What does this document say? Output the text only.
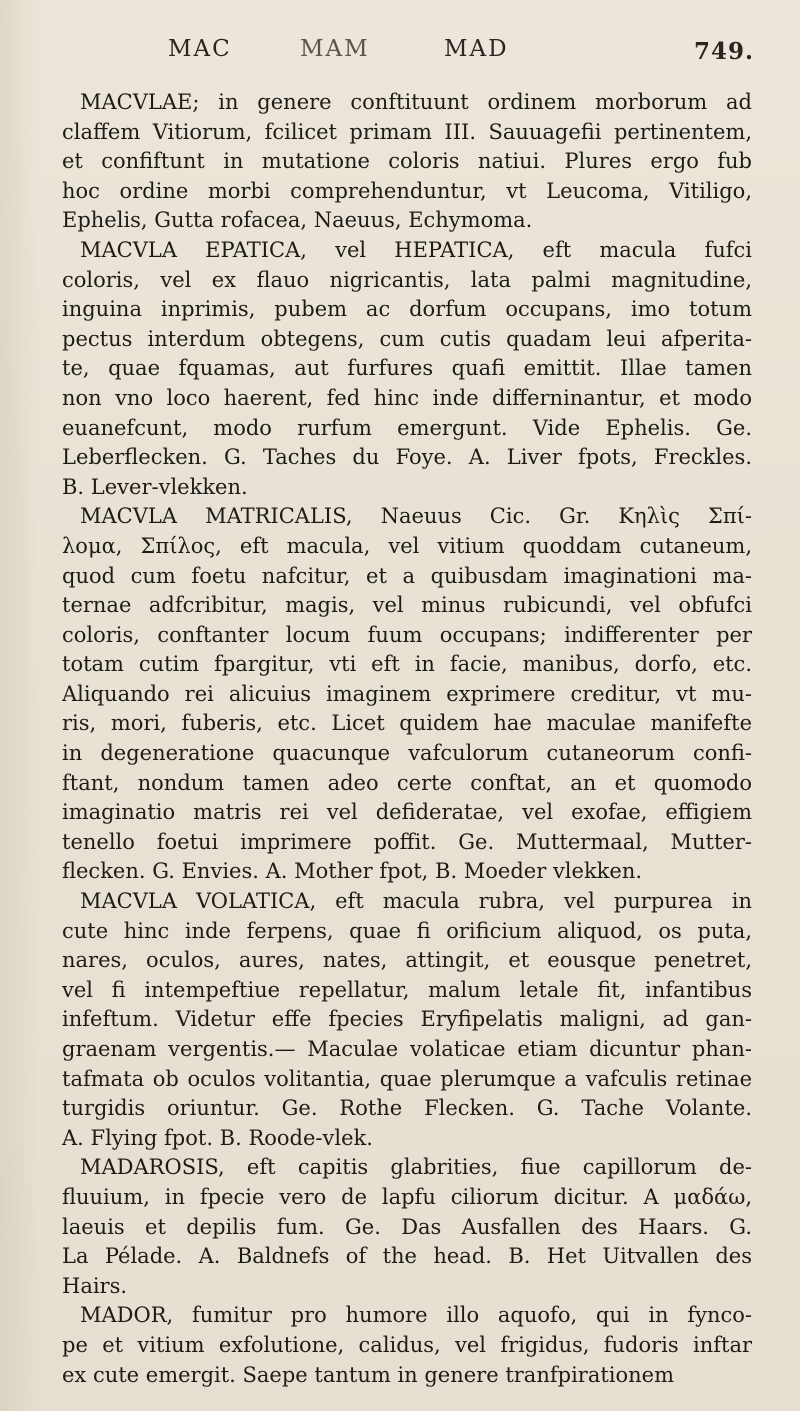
MAC	MAM	MAD	749.
MACVLAE; in genere conftituunt ordinem morborum ad
claffem Vitiorum, fcilicet primam III. Sauuagefii pertinentem,
et confiftunt in mutatione coloris natiui. Plures ergo fub
hoc ordine morbi comprehenduntur, vt Leucoma, Vitiligo,
Ephelis, Gutta rofacea, Naeuus, Echymoma.
MACVLA EPATICA, vel HEPATICA, eft macula fufci
coloris, vel ex flauo nigricantis, lata palmi magnitudine,
inguina inprimis, pubem ac dorfum occupans, imo totum
pectus interdum obtegens, cum cutis quadam leui afperita-
te, quae fquamas, aut furfures quafi emittit. Illae tamen
non vno loco haerent, fed hinc inde differninantur, et modo
euanefcunt, modo rurfum emergunt. Vide Ephelis. Ge.
Leberflecken. G. Taches du Foye. A. Liver fpots, Freckles.
B. Lever-vlekken.
MACVLA MATRICALIS, Naeuus Cic. Gr. Κηλὶς Σπί-
λομα, Σπίλος, eft macula, vel vitium quoddam cutaneum,
quod cum foetu nafcitur, et a quibusdam imaginationi ma-
ternae adfcribitur, magis, vel minus rubicundi, vel obfufci
coloris, conftanter locum fuum occupans; indifferenter per
totam cutim fpargitur, vti eft in facie, manibus, dorfo, etc.
Aliquando rei alicuius imaginem exprimere creditur, vt mu-
ris, mori, fuberis, etc. Licet quidem hae maculae manifefte
in degeneratione quacunque vafculorum cutaneorum confi-
ftant, nondum tamen adeo certe conftat, an et quomodo
imaginatio matris rei vel defideratae, vel exofae, effigiem
tenello foetui imprimere poffit. Ge. Muttermaal, Mutter-
flecken. G. Envies. A. Mother fpot, B. Moeder vlekken.
MACVLA VOLATICA, eft macula rubra, vel purpurea in
cute hinc inde ferpens, quae fi orificium aliquod, os puta,
nares, oculos, aures, nates, attingit, et eousque penetret,
vel fi intempeftiue repellatur, malum letale fit, infantibus
infeftum. Videtur effe fpecies Eryfipelatis maligni, ad gan-
graenam vergentis.— Maculae volaticae etiam dicuntur phan-
tafmata ob oculos volitantia, quae plerumque a vafculis retinae
turgidis oriuntur. Ge. Rothe Flecken. G. Tache Volante.
A. Flying fpot. B. Roode-vlek.
MADAROSIS, eft capitis glabrities, fiue capillorum de-
fluuium, in fpecie vero de lapfu ciliorum dicitur. Α μαδάω,
laeuis et depilis fum. Ge. Das Ausfallen des Haars. G.
La Pélade. A. Baldnefs of the head. B. Het Uitvallen des
Hairs.
MADOR, fumitur pro humore illo aquofo, qui in fynco-
pe et vitium exfolutione, calidus, vel frigidus, fudoris inftar
ex cute emergit. Saepe tantum in genere tranfpirationem
